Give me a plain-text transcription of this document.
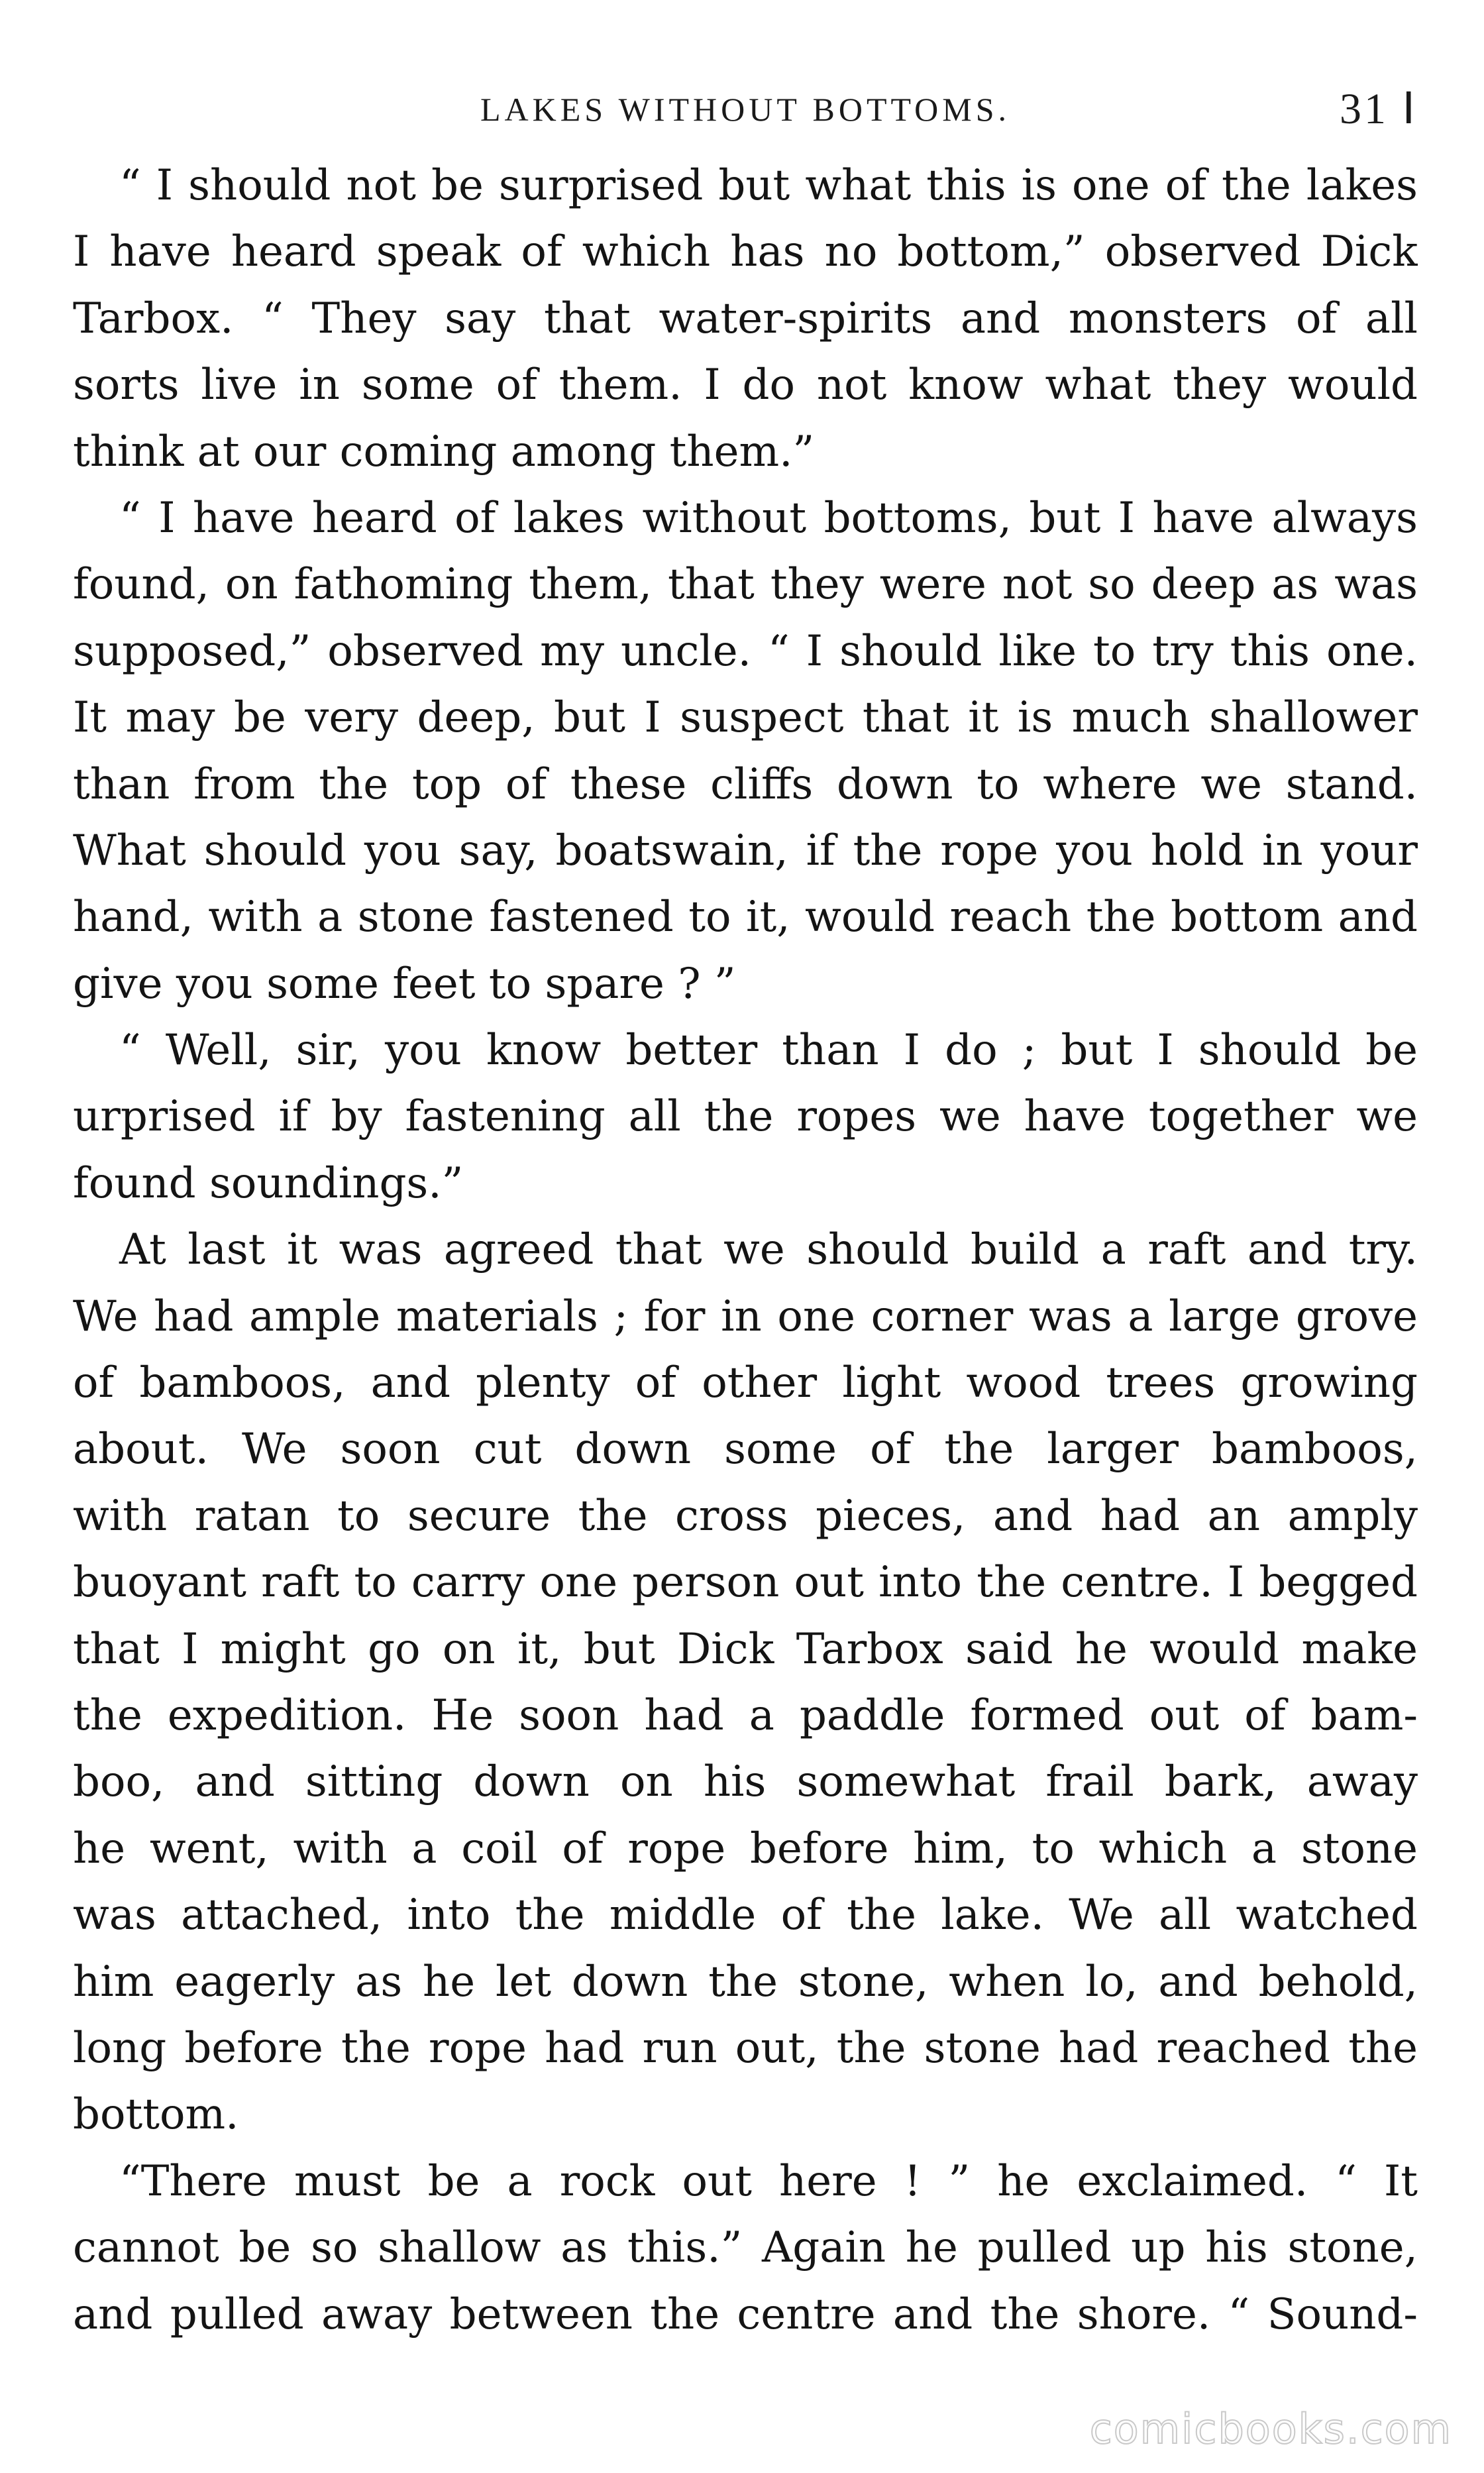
LAKES WITHOUT BOTTOMS.	31 Ⅰ
“ I should not be surprised but what this is one of the lakes
I have heard speak of which has no bottom,” observed Dick
Tarbox. “ They say that water-spirits and monsters of all
sorts live in some of them. I do not know what they would
think at our coming among them.”
“ I have heard of lakes without bottoms, but I have always
found, on fathoming them, that they were not so deep as was
supposed,” observed my uncle. “ I should like to try this one.
It may be very deep, but I suspect that it is much shallower
than from the top of these cliffs down to where we stand.
What should you say, boatswain, if the rope you hold in your
hand, with a stone fastened to it, would reach the bottom and
give you some feet to spare ? ”
“ Well, sir, you know better than I do ; but I should be
urprised if by fastening all the ropes we have together we
found soundings.”
At last it was agreed that we should build a raft and try.
We had ample materials ; for in one corner was a large grove
of bamboos, and plenty of other light wood trees growing
about. We soon cut down some of the larger bamboos,
with ratan to secure the cross pieces, and had an amply
buoyant raft to carry one person out into the centre. I begged
that I might go on it, but Dick Tarbox said he would make
the expedition. He soon had a paddle formed out of bam-
boo, and sitting down on his somewhat frail bark, away
he went, with a coil of rope before him, to which a stone
was attached, into the middle of the lake. We all watched
him eagerly as he let down the stone, when lo, and behold,
long before the rope had run out, the stone had reached the
bottom.
“There must be a rock out here ! ” he exclaimed. “ It
cannot be so shallow as this.” Again he pulled up his stone,
and pulled away between the centre and the shore. “ Sound-
comicbooks.com
